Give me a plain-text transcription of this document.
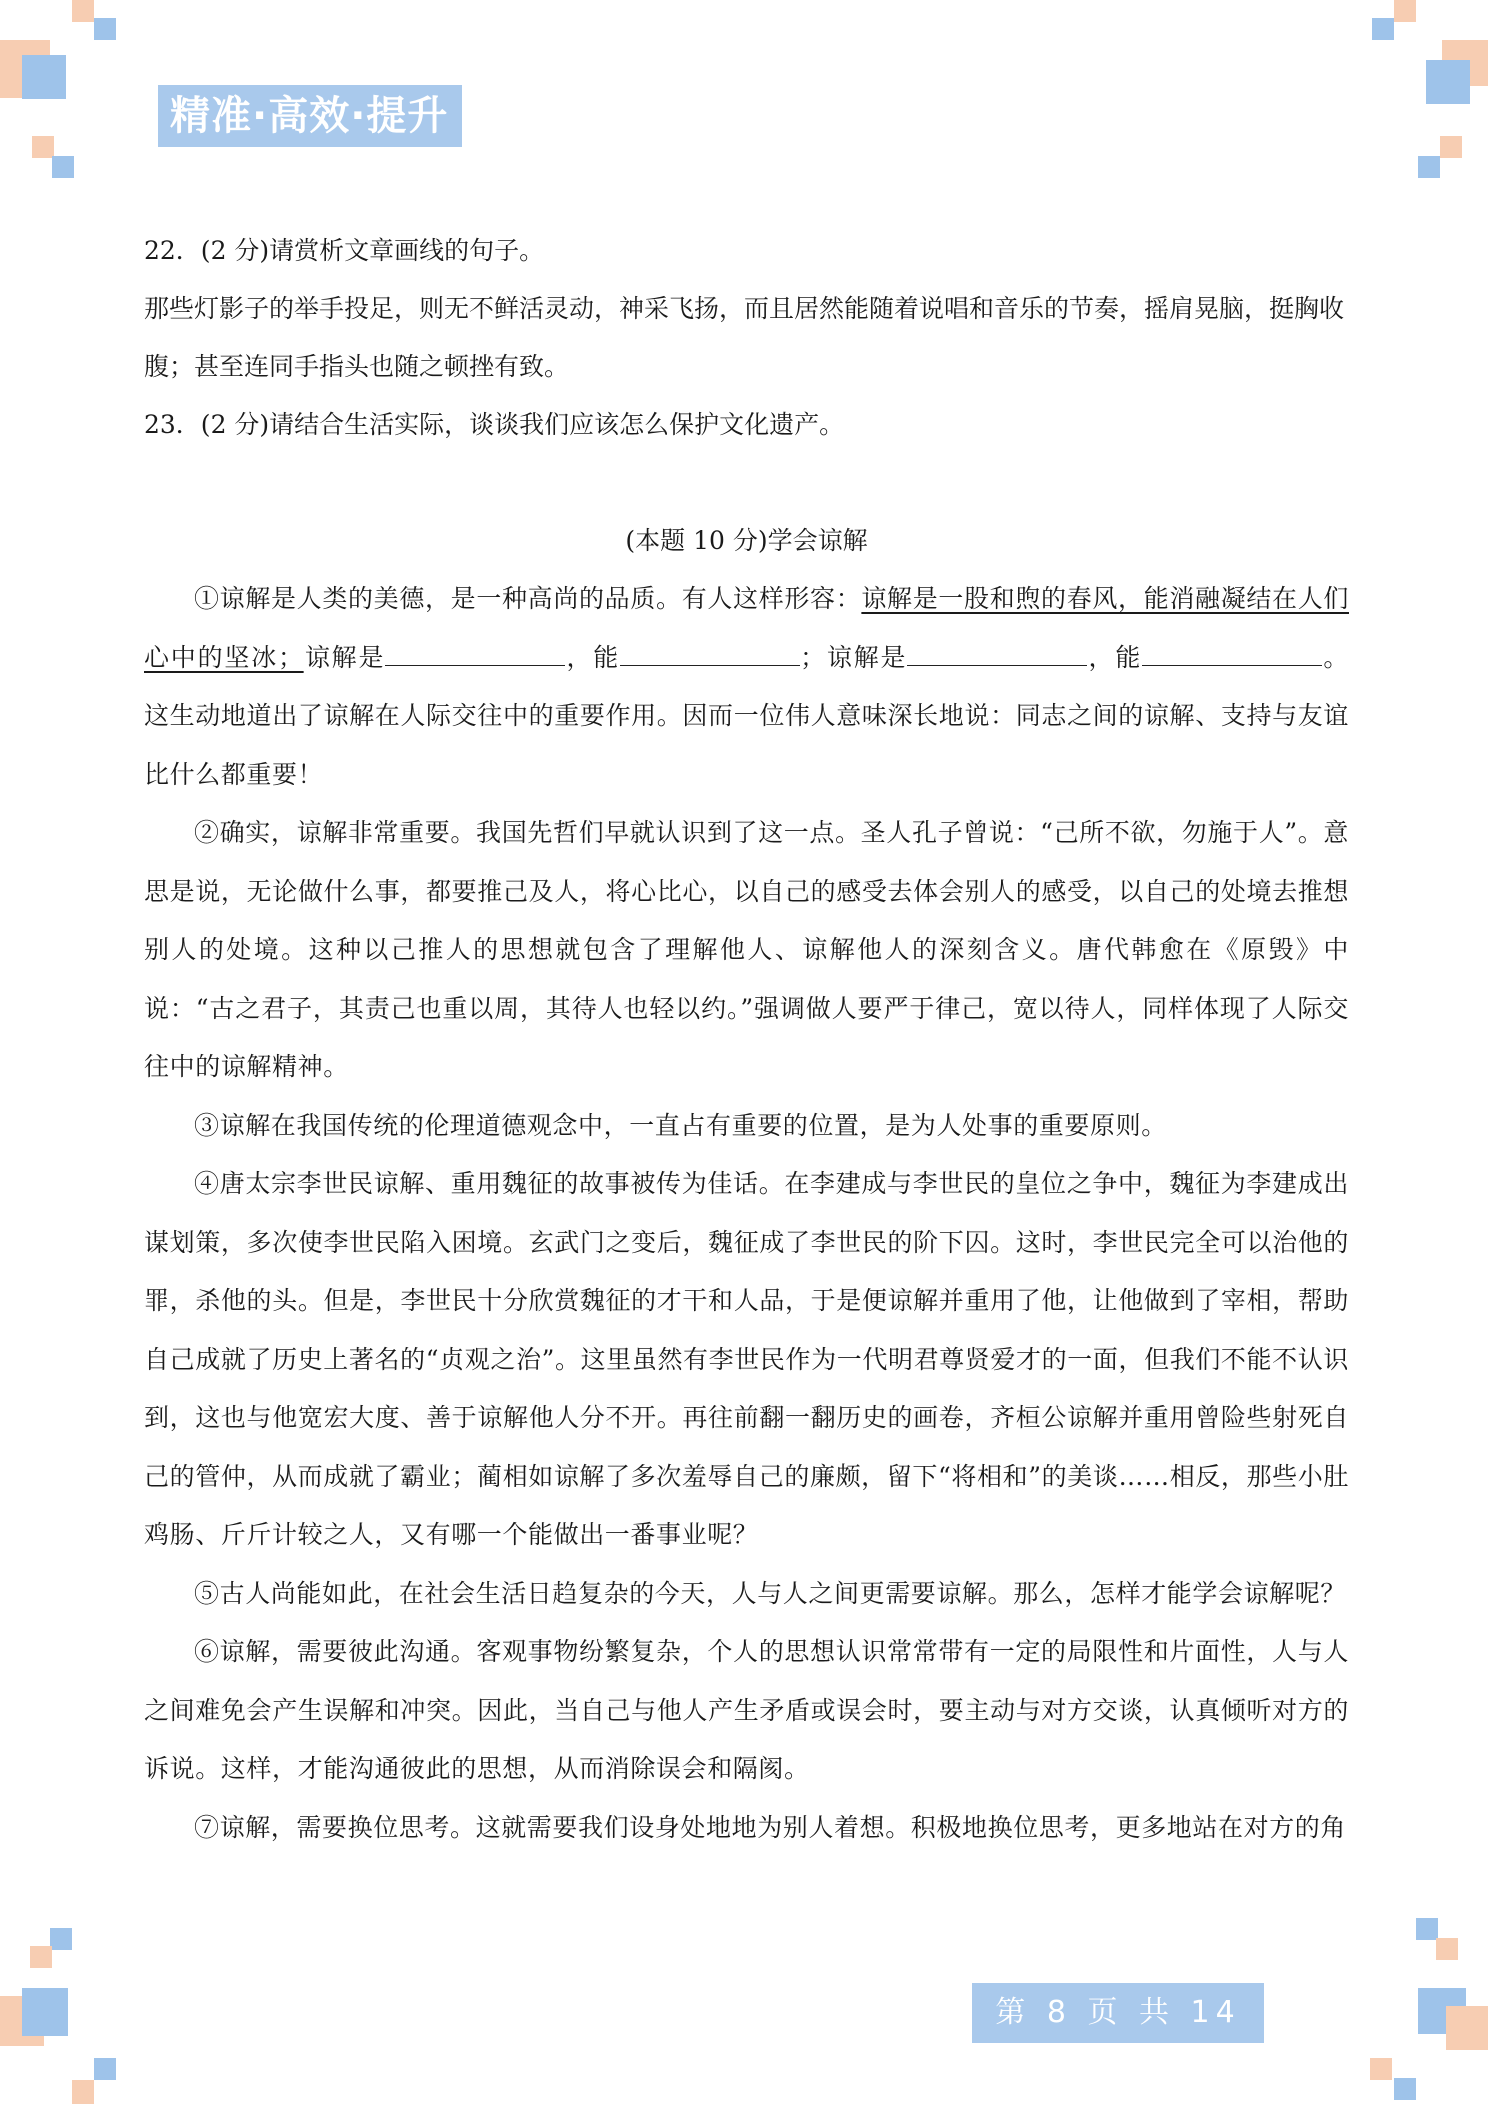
精准·高效·提升

22．(2 分)请赏析文章画线的句子。

那些灯影子的举手投足，则无不鲜活灵动，神采飞扬，而且居然能随着说唱和音乐的节奏，摇肩晃脑，挺胸收腹；甚至连同手指头也随之顿挫有致。

23．(2 分)请结合生活实际，谈谈我们应该怎么保护文化遗产。

(本题 10 分)学会谅解

①谅解是人类的美德，是一种高尚的品质。有人这样形容：谅解是一股和煦的春风，能消融凝结在人们心中的坚冰；谅解是	，能	；谅解是	，能	。这生动地道出了谅解在人际交往中的重要作用。因而一位伟人意味深长地说：同志之间的谅解、支持与友谊比什么都重要！

②确实，谅解非常重要。我国先哲们早就认识到了这一点。圣人孔子曾说：“己所不欲，勿施于人”。意思是说，无论做什么事，都要推己及人，将心比心，以自己的感受去体会别人的感受，以自己的处境去推想别人的处境。这种以己推人的思想就包含了理解他人、谅解他人的深刻含义。唐代韩愈在《原毁》中说：“古之君子，其责己也重以周，其待人也轻以约。”强调做人要严于律己，宽以待人，同样体现了人际交往中的谅解精神。

③谅解在我国传统的伦理道德观念中，一直占有重要的位置，是为人处事的重要原则。

④唐太宗李世民谅解、重用魏征的故事被传为佳话。在李建成与李世民的皇位之争中，魏征为李建成出谋划策，多次使李世民陷入困境。玄武门之变后，魏征成了李世民的阶下囚。这时，李世民完全可以治他的罪，杀他的头。但是，李世民十分欣赏魏征的才干和人品，于是便谅解并重用了他，让他做到了宰相，帮助自己成就了历史上著名的“贞观之治”。这里虽然有李世民作为一代明君尊贤爱才的一面，但我们不能不认识到，这也与他宽宏大度、善于谅解他人分不开。再往前翻一翻历史的画卷，齐桓公谅解并重用曾险些射死自己的管仲，从而成就了霸业；蔺相如谅解了多次羞辱自己的廉颇，留下“将相和”的美谈……相反，那些小肚鸡肠、斤斤计较之人，又有哪一个能做出一番事业呢？

⑤古人尚能如此，在社会生活日趋复杂的今天，人与人之间更需要谅解。那么，怎样才能学会谅解呢？

⑥谅解，需要彼此沟通。客观事物纷繁复杂，个人的思想认识常常带有一定的局限性和片面性，人与人之间难免会产生误解和冲突。因此，当自己与他人产生矛盾或误会时，要主动与对方交谈，认真倾听对方的诉说。这样，才能沟通彼此的思想，从而消除误会和隔阂。

⑦谅解，需要换位思考。这就需要我们设身处地地为别人着想。积极地换位思考，更多地站在对方的角

第 8 页 共 14 页
